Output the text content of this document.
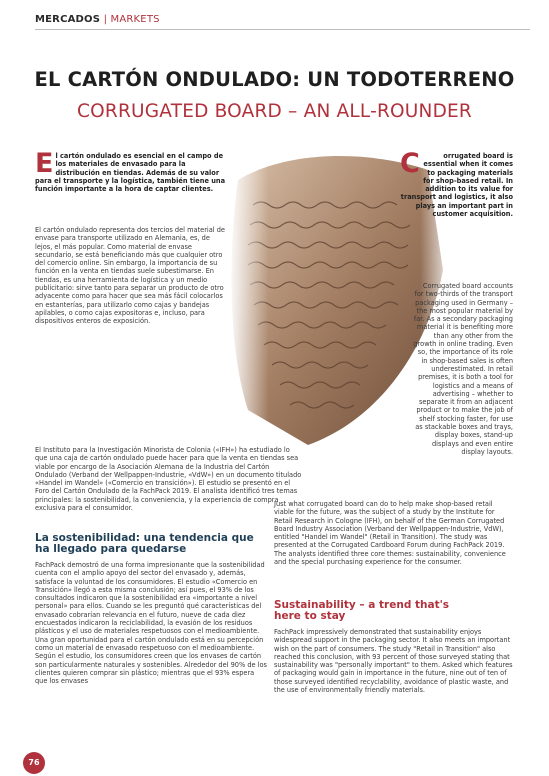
MERCADOS | MARKETS
EL CARTÓN ONDULADO: UN TODOTERRENO
CORRUGATED BOARD – AN ALL-ROUNDER

El cartón ondulado es esencial en el campo de los materiales de envasado para la distribución en tiendas. Además de su valor para el transporte y la logística, también tiene una función importante a la hora de captar clientes.

El cartón ondulado representa dos tercios del material de envase para transporte utilizado en Alemania, es, de lejos, el más popular. Como material de envase secundario, se está beneficiando más que cualquier otro del comercio online. Sin embargo, la importancia de su función en la venta en tiendas suele subestimarse. En tiendas, es una herramienta de logística y un medio publicitario: sirve tanto para separar un producto de otro adyacente como para hacer que sea más fácil colocarlos en estanterías, para utilizarlo como cajas y bandejas apilables, o como cajas expositoras e, incluso, para dispositivos enteros de exposición.

El Instituto para la Investigación Minorista de Colonia («IFH») ha estudiado lo que una caja de cartón ondulado puede hacer para que la venta en tiendas sea viable por encargo de la Asociación Alemana de la Industria del Cartón Ondulado (Verband der Wellpappen-Industrie, «VdW») en un documento titulado «Handel im Wandel» («Comercio en transición»). El estudio se presentó en el Foro del Cartón Ondulado de la FachPack 2019. El analista identificó tres temas principales: la sostenibilidad, la conveniencia, y la experiencia de compra exclusiva para el consumidor.

La sostenibilidad: una tendencia que ha llegado para quedarse

FachPack demostró de una forma impresionante que la sostenibilidad cuenta con el amplio apoyo del sector del envasado y, además, satisface la voluntad de los consumidores. El estudio «Comercio en Transición» llegó a esta misma conclusión; así pues, el 93% de los consultados indicaron que la sostenibilidad era «importante a nivel personal» para ellos. Cuando se les preguntó qué características del envasado cobrarían relevancia en el futuro, nueve de cada diez encuestados indicaron la reciclabilidad, la evasión de los residuos plásticos y el uso de materiales respetuosos con el medioambiente.

Una gran oportunidad para el cartón ondulado está en su percepción como un material de envasado respetuoso con el medioambiente. Según el estudio, los consumidores creen que los envases de cartón son particularmente naturales y sostenibles. Alrededor del 90% de los clientes quieren comprar sin plástico; mientras que el 93% espera que los envases

C	orrugated board is essential when it comes to packaging materials for shop-based retail. In addition to its value for transport and logistics, it also plays an important part in customer acquisition.

Corrugated board accounts for two-thirds of the transport packaging used in Germany – the most popular material by far. As a secondary packaging material it is benefiting more than any other from the growth in online trading. Even so, the importance of its role in shop-based sales is often underestimated. In retail premises, it is both a tool for logistics and a means of advertising – whether to separate it from an adjacent product or to make the job of shelf stocking faster, for use as stackable boxes and trays, display boxes, stand-up displays and even entire display layouts.

Just what corrugated board can do to help make shop-based retail viable for the future, was the subject of a study by the Institute for Retail Research in Cologne (IFH), on behalf of the German Corrugated Board Industry Association (Verband der Wellpappen-Industrie, VdW), entitled "Handel im Wandel" (Retail in Transition). The study was presented at the Corrugated Cardboard Forum during FachPack 2019. The analysts identified three core themes: sustainability, convenience and the special purchasing experience for the consumer.

Sustainability – a trend that's here to stay

FachPack impressively demonstrated that sustainability enjoys widespread support in the packaging sector. It also meets an important wish on the part of consumers. The study "Retail in Transition" also reached this conclusion, with 93 percent of those surveyed stating that sustainability was "personally important" to them. Asked which features of packaging would gain in importance in the future, nine out of ten of those surveyed identified recyclability, avoidance of plastic waste, and the use of environmentally friendly materials.

76
